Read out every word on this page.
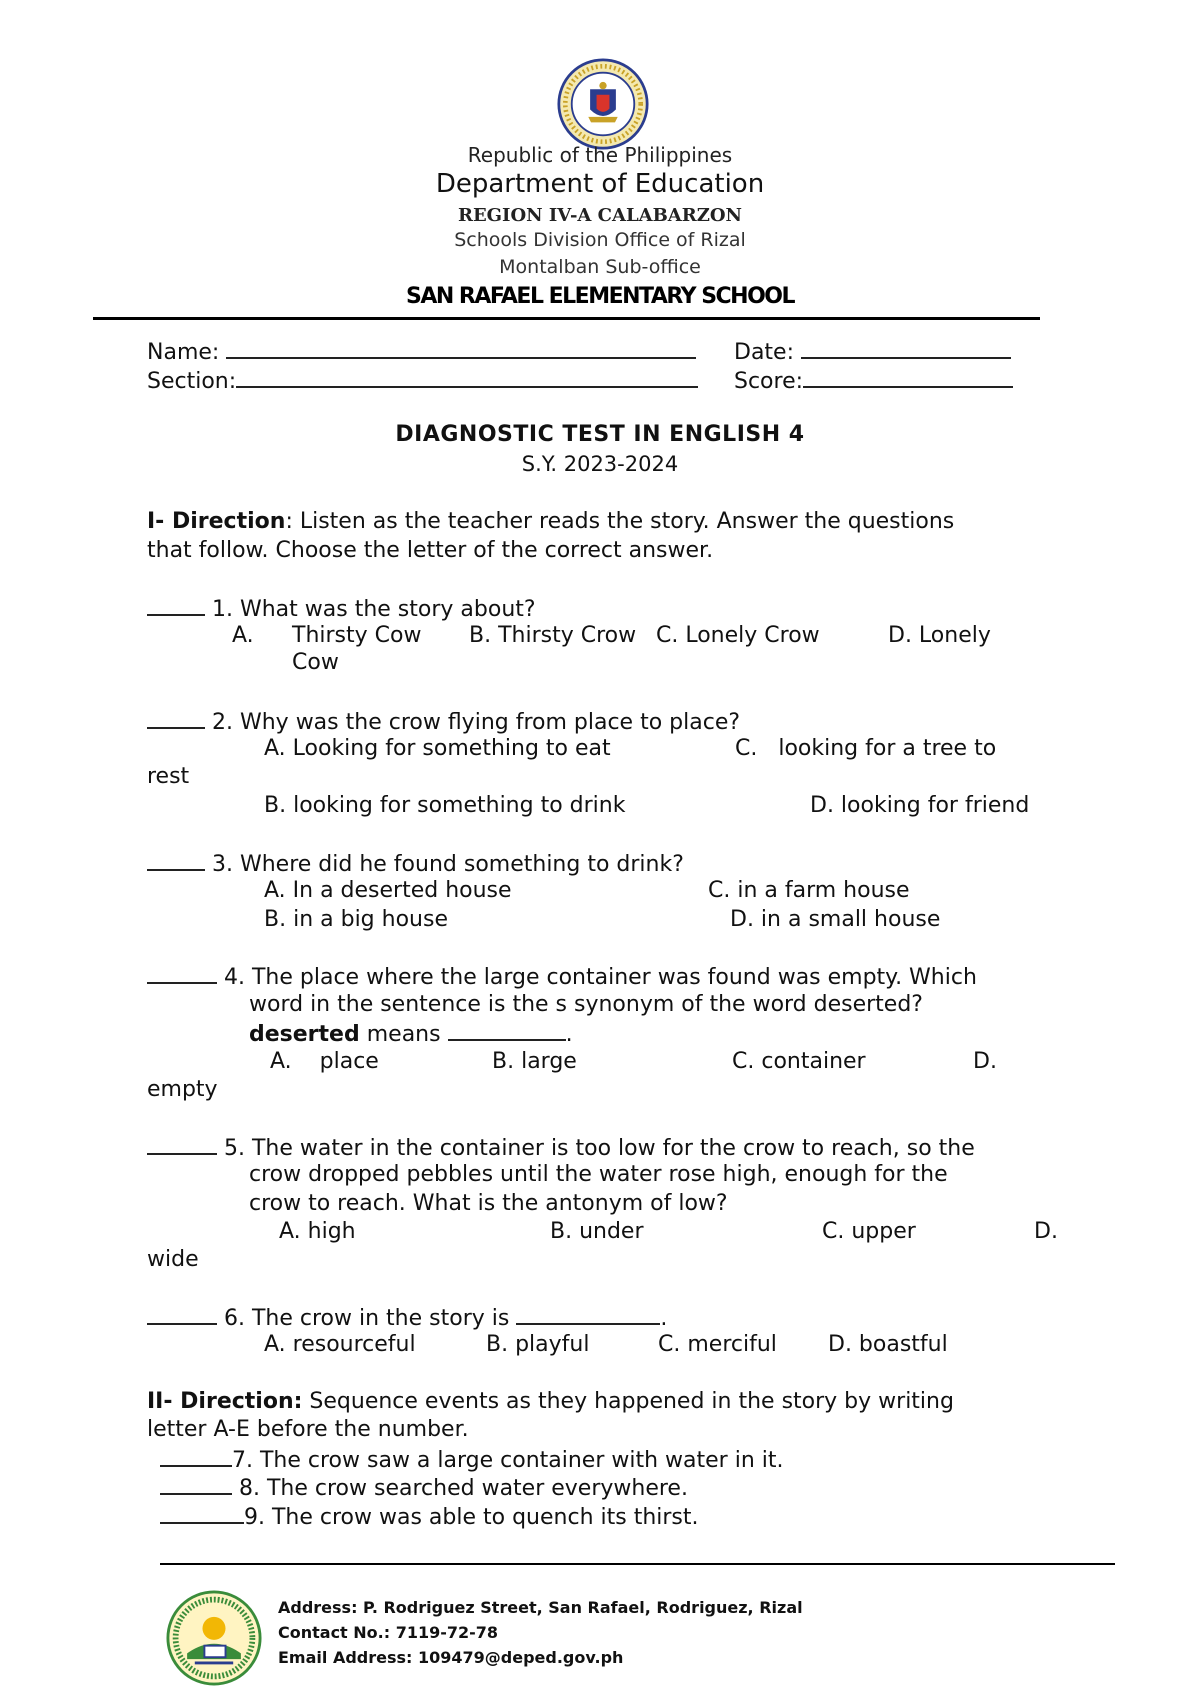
Republic of the Philippines
Department of Education
REGION IV-A CALABARZON
Schools Division Office of Rizal
Montalban Sub-office
SAN RAFAEL ELEMENTARY SCHOOL
Name:	Date:
Section:	Score:
DIAGNOSTIC TEST IN ENGLISH 4
S.Y. 2023-2024
I- Direction: Listen as the teacher reads the story. Answer the questions
that follow. Choose the letter of the correct answer.
1. What was the story about?
A. Thirsty Cow B. Thirsty Crow C. Lonely Crow	D. Lonely
Cow
2. Why was the crow flying from place to place?
A. Looking for something to eat	C.   looking for a tree to
rest
B. looking for something to drink	D. looking for friend
3. Where did he found something to drink?
A. In a deserted house	C. in a farm house
B. in a big house	D. in a small house
4. The place where the large container was found was empty. Which
word in the sentence is the s synonym of the word deserted?
deserted means	.
A.    place	B. large	C. container	D.
empty
5. The water in the container is too low for the crow to reach, so the
crow dropped pebbles until the water rose high, enough for the
crow to reach. What is the antonym of low?
A. high	B. under	C. upper	D.
wide
6. The crow in the story is	.
A. resourceful	B. playful	C. merciful D. boastful
II- Direction: Sequence events as they happened in the story by writing
letter A-E before the number.
7. The crow saw a large container with water in it.
8. The crow searched water everywhere.
9. The crow was able to quench its thirst.
Address: P. Rodriguez Street, San Rafael, Rodriguez, Rizal
Contact No.: 7119-72-78
Email Address: 109479@deped.gov.ph
